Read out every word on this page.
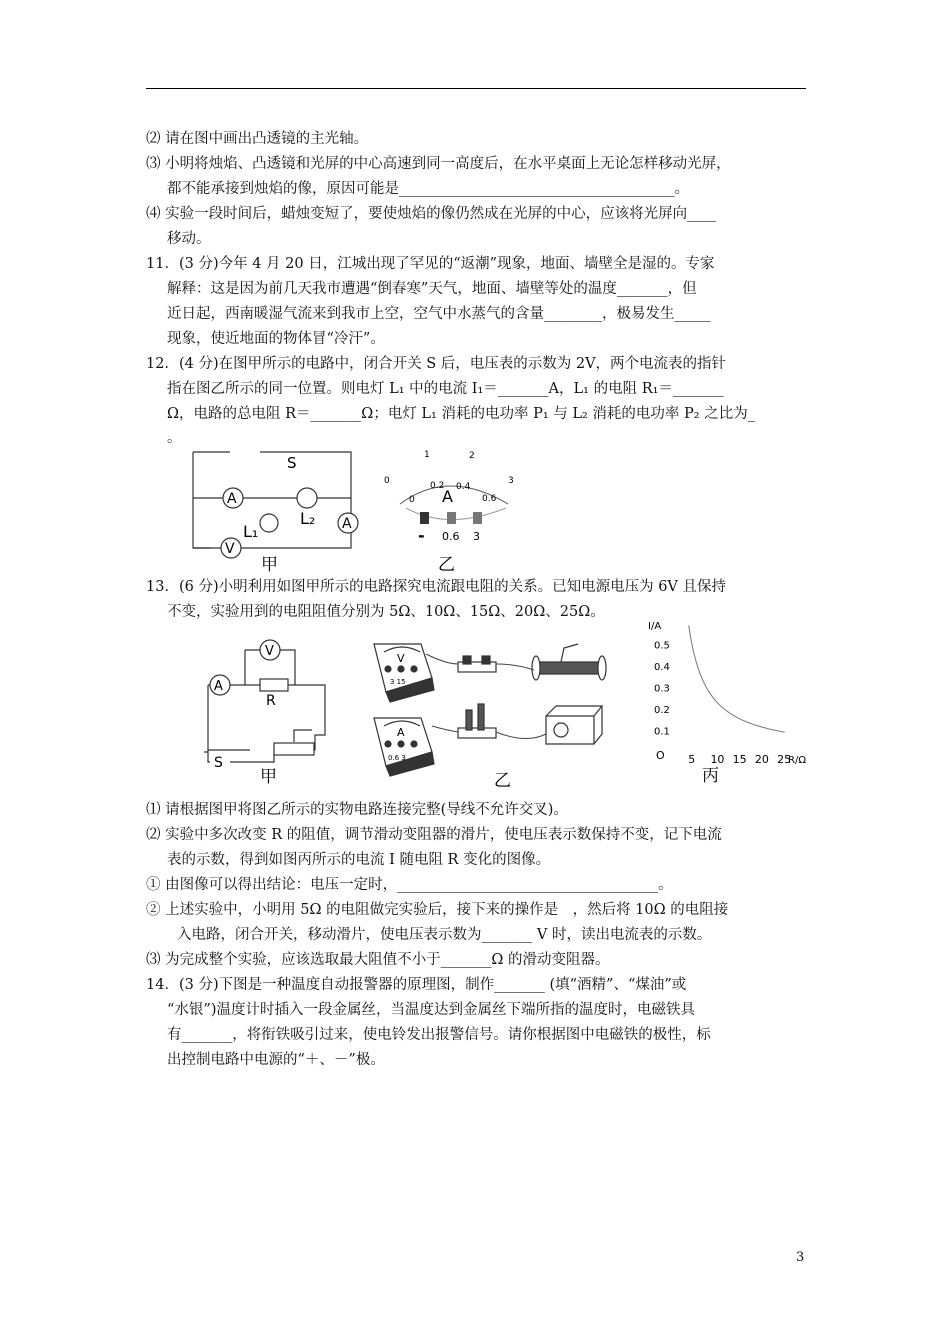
⑵ 请在图中画出凸透镜的主光轴。
⑶ 小明将烛焰、凸透镜和光屏的中心高速到同一高度后，在水平桌面上无论怎样移动光屏，
都不能承接到烛焰的像，原因可能是______________________________________。
⑷ 实验一段时间后，蜡烛变短了，要使烛焰的像仍然成在光屏的中心，应该将光屏向____
移动。
11．(3 分)今年 4 月 20 日，江城出现了罕见的“返潮”现象，地面、墙壁全是湿的。专家
解释：这是因为前几天我市遭遇“倒春寒”天气，地面、墙壁等处的温度_______，但
近日起，西南暖湿气流来到我市上空，空气中水蒸气的含量________，极易发生_____
现象，使近地面的物体冒“冷汗”。
12．(4 分)在图甲所示的电路中，闭合开关 S 后，电压表的示数为 2V，两个电流表的指针
指在图乙所示的同一位置。则电灯 L₁ 中的电流 I₁＝_______A，L₁ 的电阻 R₁＝_______
Ω，电路的总电阻 R＝_______Ω；电灯 L₁ 消耗的电功率 P₁ 与 L₂ 消耗的电功率 P₂ 之比为_
。
S
A
A
V
L₁
L₂
甲
0
1	2
3
0
0.2 0.4
0.6
A
- 0.6 3
乙
13．(6 分)小明利用如图甲所示的电路探究电流跟电阻的关系。已知电源电压为 6V 且保持
不变，实验用到的电阻阻值分别为 5Ω、10Ω、15Ω、20Ω、25Ω。
V
A
R
S
甲
V
A
3 15
0.6 3
乙
I/A
0.5
0.4
0.3
0.2
0.1
5 10 15 20 25
O	R/Ω
丙
⑴ 请根据图甲将图乙所示的实物电路连接完整(导线不允许交叉)。
⑵ 实验中多次改变 R 的阻值，调节滑动变阻器的滑片，使电压表示数保持不变，记下电流
表的示数，得到如图丙所示的电流 I 随电阻 R 变化的图像。
① 由图像可以得出结论：电压一定时，____________________________________。
② 上述实验中，小明用 5Ω 的电阻做完实验后，接下来的操作是　，然后将 10Ω 的电阻接
入电路，闭合开关，移动滑片，使电压表示数为_______ V 时，读出电流表的示数。
⑶ 为完成整个实验，应该选取最大阻值不小于_______Ω 的滑动变阻器。
14．(3 分)下图是一种温度自动报警器的原理图，制作_______ (填“酒精”、“煤油”或
“水银”)温度计时插入一段金属丝，当温度达到金属丝下端所指的温度时，电磁铁具
有_______，将衔铁吸引过来，使电铃发出报警信号。请你根据图中电磁铁的极性，标
出控制电路中电源的“＋、－”极。
3
